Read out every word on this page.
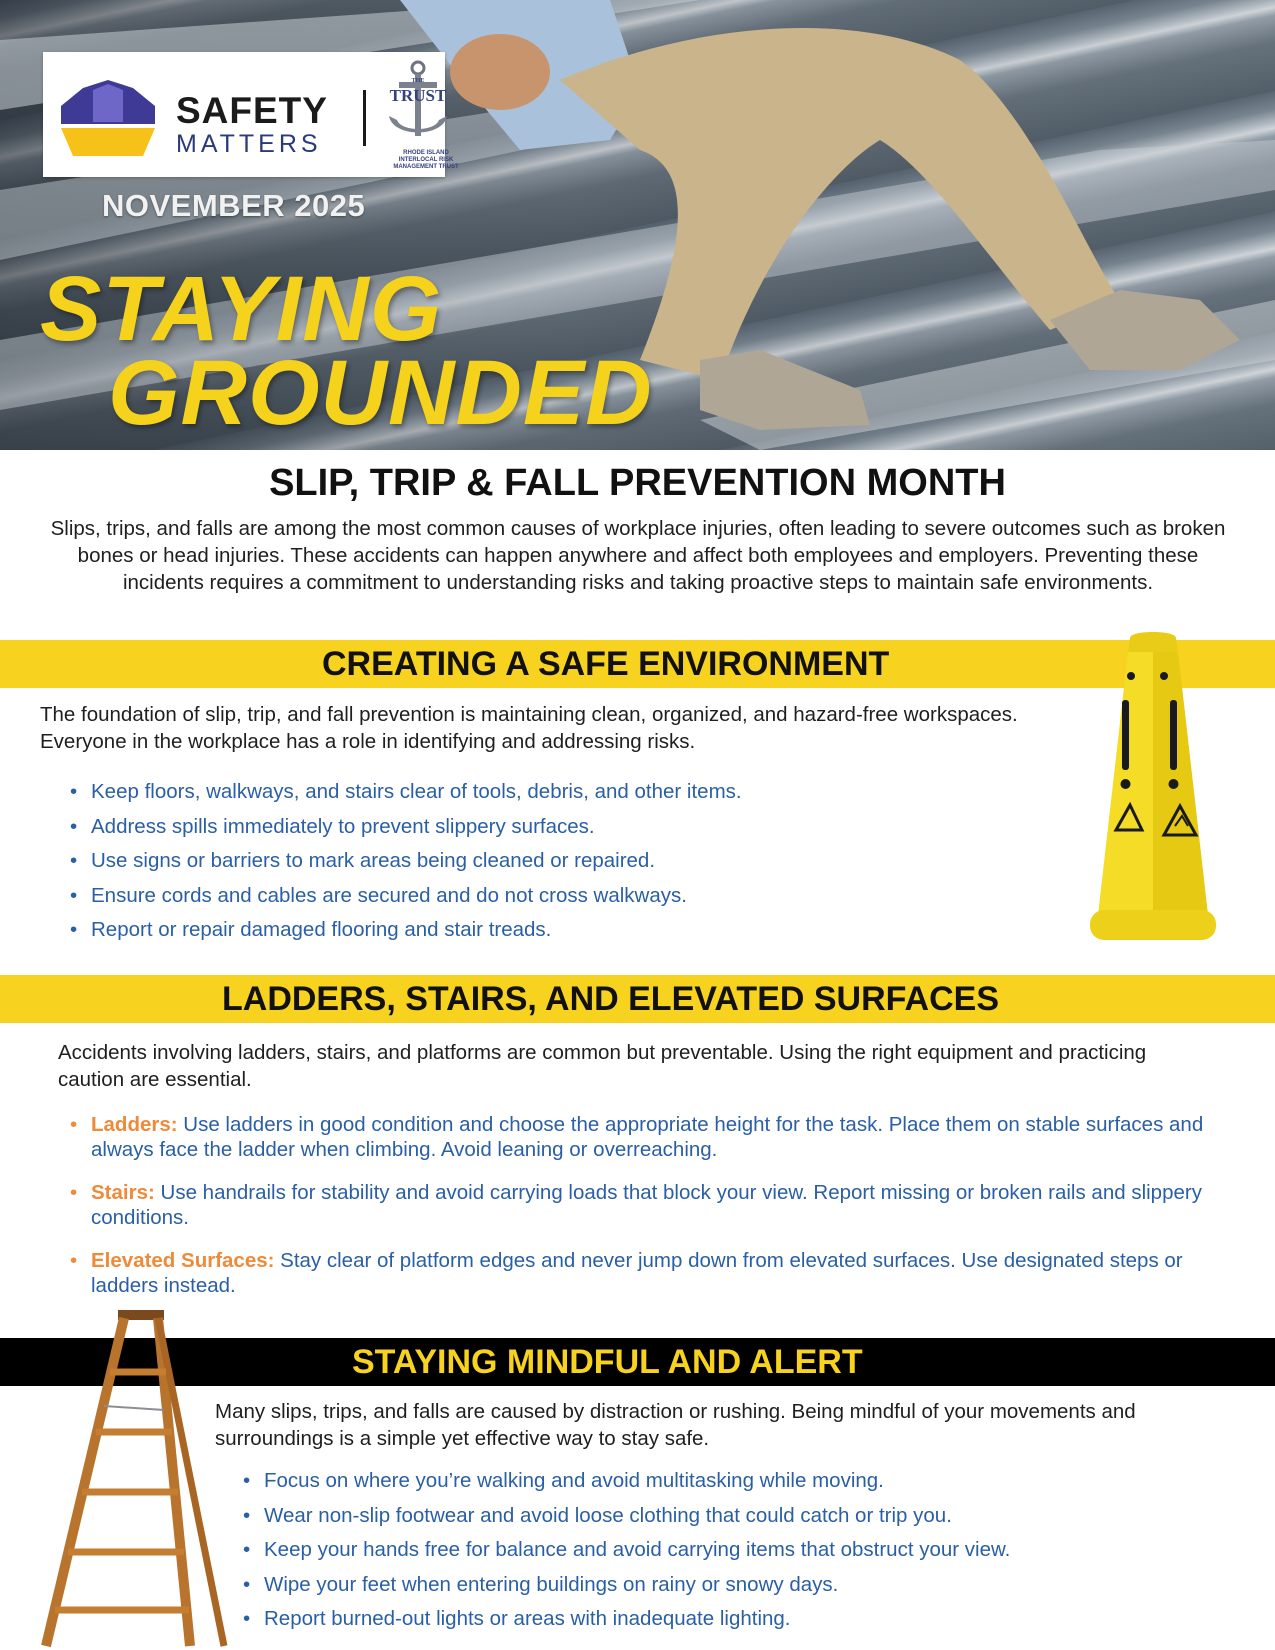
SAFETY
MATTERS
THE
TRUST
RHODE ISLAND INTERLOCAL RISK MANAGEMENT TRUST
NOVEMBER 2025
STAYING
GROUNDED
SLIP, TRIP & FALL PREVENTION MONTH
Slips, trips, and falls are among the most common causes of workplace injuries, often leading to severe outcomes such as broken bones or head injuries. These accidents can happen anywhere and affect both employees and employers. Preventing these incidents requires a commitment to understanding risks and taking proactive steps to maintain safe environments.
CREATING A SAFE ENVIRONMENT
The foundation of slip, trip, and fall prevention is maintaining clean, organized, and hazard-free workspaces. Everyone in the workplace has a role in identifying and addressing risks.
• Keep floors, walkways, and stairs clear of tools, debris, and other items.
• Address spills immediately to prevent slippery surfaces.
• Use signs or barriers to mark areas being cleaned or repaired.
• Ensure cords and cables are secured and do not cross walkways.
• Report or repair damaged flooring and stair treads.
LADDERS, STAIRS, AND ELEVATED SURFACES
Accidents involving ladders, stairs, and platforms are common but preventable. Using the right equipment and practicing caution are essential.
• Ladders: Use ladders in good condition and choose the appropriate height for the task. Place them on stable surfaces and always face the ladder when climbing. Avoid leaning or overreaching.
• Stairs: Use handrails for stability and avoid carrying loads that block your view. Report missing or broken rails and slippery conditions.
• Elevated Surfaces: Stay clear of platform edges and never jump down from elevated surfaces. Use designated steps or ladders instead.
STAYING MINDFUL AND ALERT
Many slips, trips, and falls are caused by distraction or rushing. Being mindful of your movements and surroundings is a simple yet effective way to stay safe.
• Focus on where you’re walking and avoid multitasking while moving.
• Wear non-slip footwear and avoid loose clothing that could catch or trip you.
• Keep your hands free for balance and avoid carrying items that obstruct your view.
• Wipe your feet when entering buildings on rainy or snowy days.
• Report burned-out lights or areas with inadequate lighting.
